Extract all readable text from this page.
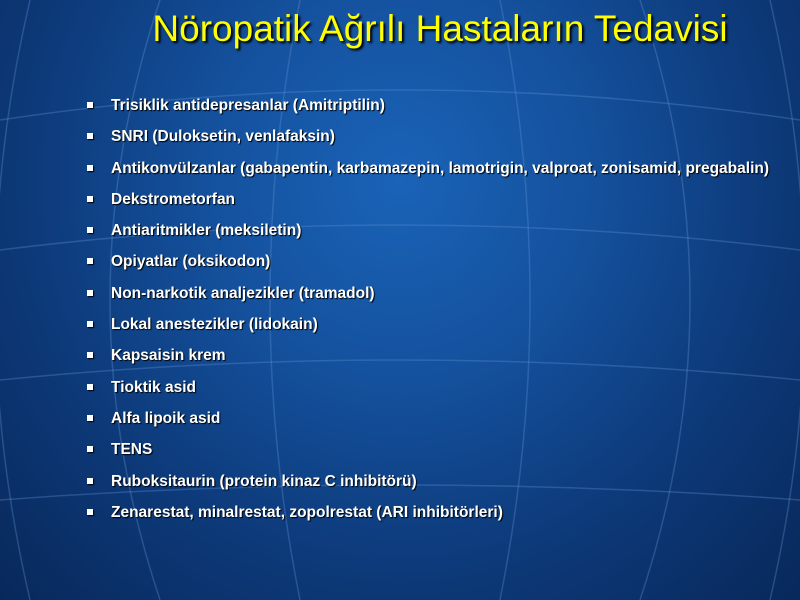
Nöropatik Ağrılı Hastaların Tedavisi
Trisiklik antidepresanlar (Amitriptilin)
SNRI (Duloksetin, venlafaksin)
Antikonvülzanlar (gabapentin, karbamazepin, lamotrigin, valproat, zonisamid, pregabalin)
Dekstrometorfan
Antiaritmikler (meksiletin)
Opiyatlar (oksikodon)
Non-narkotik analjezikler (tramadol)
Lokal anestezikler (lidokain)
Kapsaisin krem
Tioktik asid
Alfa lipoik asid
TENS
Ruboksitaurin (protein kinaz C inhibitörü)
Zenarestat, minalrestat, zopolrestat (ARI inhibitörleri)
